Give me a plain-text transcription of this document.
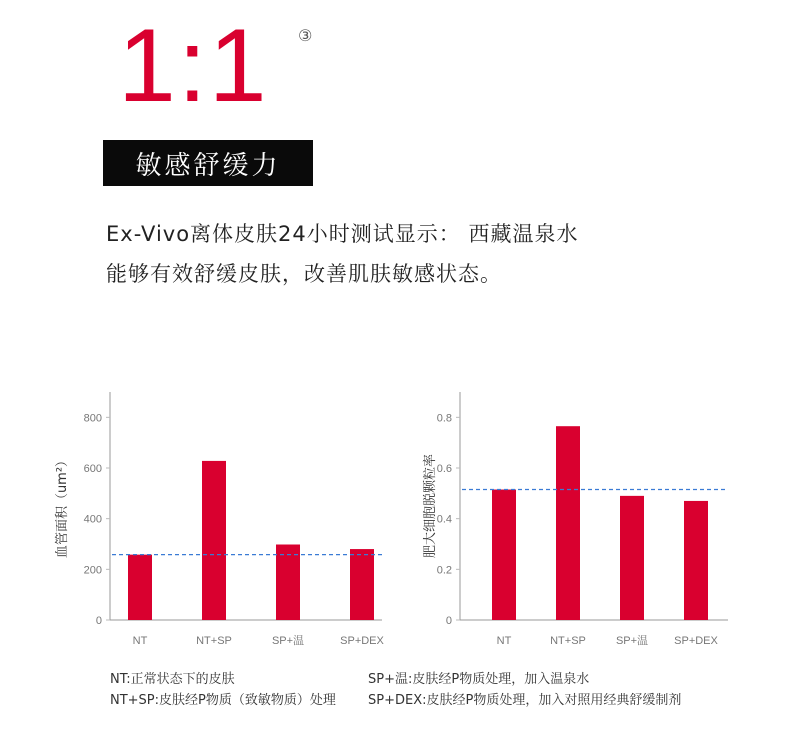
1:1 ③
敏感舒缓力
Ex-Vivo离体皮肤24小时测试显示： 西藏温泉水
能够有效舒缓皮肤，改善肌肤敏感状态。
0
200
400
600
800
NT	NT+SP	SP+温	SP+DEX
血管面积（um²）
0
0.2
0.4
0.6
0.8
NT	NT+SP	SP+温 SP+DEX
肥大细胞脱颗粒率
NT:正常状态下的皮肤
NT+SP:皮肤经P物质（致敏物质）处理
SP+温:皮肤经P物质处理，加入温泉水
SP+DEX:皮肤经P物质处理，加入对照用经典舒缓制剂
